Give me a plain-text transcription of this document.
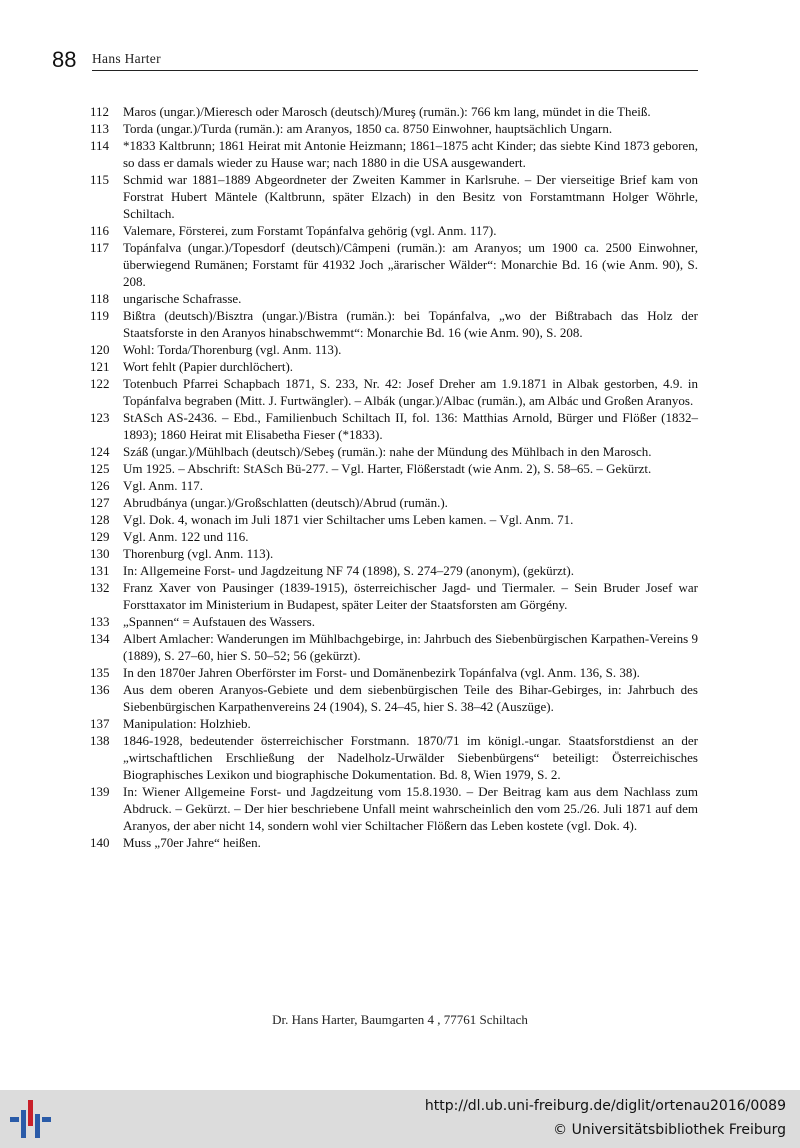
88 Hans Harter
112	Maros (ungar.)/Mieresch oder Marosch (deutsch)/Mureş (rumän.): 766 km lang, mündet in die Theiß.
113	Torda (ungar.)/Turda (rumän.): am Aranyos, 1850 ca. 8750 Einwohner, hauptsächlich Ungarn.
114	*1833 Kaltbrunn; 1861 Heirat mit Antonie Heizmann; 1861–1875 acht Kinder; das siebte Kind 1873 geboren, so dass er damals wieder zu Hause war; nach 1880 in die USA ausgewandert.
115	Schmid war 1881–1889 Abgeordneter der Zweiten Kammer in Karlsruhe. – Der vierseitige Brief kam von Forstrat Hubert Mäntele (Kaltbrunn, später Elzach) in den Besitz von Forstamtmann Holger Wöhrle, Schiltach.
116	Valemare, Försterei, zum Forstamt Topánfalva gehörig (vgl. Anm. 117).
117	Topánfalva (ungar.)/Topesdorf (deutsch)/Câmpeni (rumän.): am Aranyos; um 1900 ca. 2500 Einwohner, überwiegend Rumänen; Forstamt für 41932 Joch „ärarischer Wälder“: Monarchie Bd. 16 (wie Anm. 90), S. 208.
118	ungarische Schafrasse.
119	Bißtra (deutsch)/Bisztra (ungar.)/Bistra (rumän.): bei Topánfalva, „wo der Bißtrabach das Holz der Staatsforste in den Aranyos hinabschwemmt“: Monarchie Bd. 16 (wie Anm. 90), S. 208.
120	Wohl: Torda/Thorenburg (vgl. Anm. 113).
121	Wort fehlt (Papier durchlöchert).
122	Totenbuch Pfarrei Schapbach 1871, S. 233, Nr. 42: Josef Dreher am 1.9.1871 in Albak gestorben, 4.9. in Topánfalva begraben (Mitt. J. Furtwängler). – Albák (ungar.)/Albac (rumän.), am Albác und Großen Aranyos.
123	StASch AS-2436. – Ebd., Familienbuch Schiltach II, fol. 136: Matthias Arnold, Bürger und Flößer (1832–1893); 1860 Heirat mit Elisabetha Fieser (*1833).
124	Száß (ungar.)/Mühlbach (deutsch)/Sebeş (rumän.): nahe der Mündung des Mühlbach in den Marosch.
125	Um 1925. – Abschrift: StASch Bü-277. – Vgl. Harter, Flößerstadt (wie Anm. 2), S. 58–65. – Gekürzt.
126	Vgl. Anm. 117.
127	Abrudbánya (ungar.)/Großschlatten (deutsch)/Abrud (rumän.).
128	Vgl. Dok. 4, wonach im Juli 1871 vier Schiltacher ums Leben kamen. – Vgl. Anm. 71.
129	Vgl. Anm. 122 und 116.
130	Thorenburg (vgl. Anm. 113).
131	In: Allgemeine Forst- und Jagdzeitung NF 74 (1898), S. 274–279 (anonym), (gekürzt).
132	Franz Xaver von Pausinger (1839-1915), österreichischer Jagd- und Tiermaler. – Sein Bruder Josef war Forsttaxator im Ministerium in Budapest, später Leiter der Staatsforsten am Görgény.
133	„Spannen“ = Aufstauen des Wassers.
134	Albert Amlacher: Wanderungen im Mühlbachgebirge, in: Jahrbuch des Siebenbürgischen Karpathen-Vereins 9 (1889), S. 27–60, hier S. 50–52; 56 (gekürzt).
135	In den 1870er Jahren Oberförster im Forst- und Domänenbezirk Topánfalva (vgl. Anm. 136, S. 38).
136	Aus dem oberen Aranyos-Gebiete und dem siebenbürgischen Teile des Bihar-Gebirges, in: Jahrbuch des Siebenbürgischen Karpathenvereins 24 (1904), S. 24–45, hier S. 38–42 (Auszüge).
137	Manipulation: Holzhieb.
138	1846-1928, bedeutender österreichischer Forstmann. 1870/71 im königl.-ungar. Staatsforstdienst an der „wirtschaftlichen Erschließung der Nadelholz-Urwälder Siebenbürgens“ beteiligt: Österreichisches Biographisches Lexikon und biographische Dokumentation. Bd. 8, Wien 1979, S. 2.
139	In: Wiener Allgemeine Forst- und Jagdzeitung vom 15.8.1930. – Der Beitrag kam aus dem Nachlass zum Abdruck. – Gekürzt. – Der hier beschriebene Unfall meint wahrscheinlich den vom 25./26. Juli 1871 auf dem Aranyos, der aber nicht 14, sondern wohl vier Schiltacher Flößern das Leben kostete (vgl. Dok. 4).
140	Muss „70er Jahre“ heißen.
Dr. Hans Harter, Baumgarten 4 , 77761 Schiltach
http://dl.ub.uni-freiburg.de/diglit/ortenau2016/0089
© Universitätsbibliothek Freiburg
